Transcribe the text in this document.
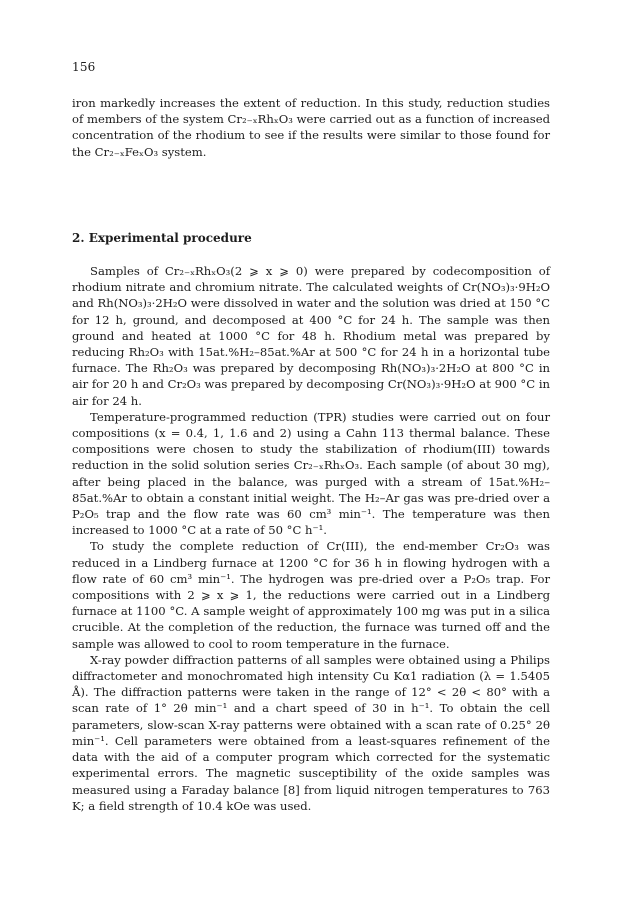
156

iron markedly increases the extent of reduction. In this study, reduction studies of members of the system Cr₂₋ₓRhₓO₃ were carried out as a function of increased concentration of the rhodium to see if the results were similar to those found for the Cr₂₋ₓFeₓO₃ system.

2. Experimental procedure

Samples of Cr₂₋ₓRhₓO₃(2 ⩾ x ⩾ 0) were prepared by codecomposition of rhodium nitrate and chromium nitrate. The calculated weights of Cr(NO₃)₃·9H₂O and Rh(NO₃)₃·2H₂O were dissolved in water and the solution was dried at 150 °C for 12 h, ground, and decomposed at 400 °C for 24 h. The sample was then ground and heated at 1000 °C for 48 h. Rhodium metal was prepared by reducing Rh₂O₃ with 15at.%H₂–85at.%Ar at 500 °C for 24 h in a horizontal tube furnace. The Rh₂O₃ was prepared by decomposing Rh(NO₃)₃·2H₂O at 800 °C in air for 20 h and Cr₂O₃ was prepared by decomposing Cr(NO₃)₃·9H₂O at 900 °C in air for 24 h.

Temperature-programmed reduction (TPR) studies were carried out on four compositions (x = 0.4, 1, 1.6 and 2) using a Cahn 113 thermal balance. These compositions were chosen to study the stabilization of rhodium(III) towards reduction in the solid solution series Cr₂₋ₓRhₓO₃. Each sample (of about 30 mg), after being placed in the balance, was purged with a stream of 15at.%H₂–85at.%Ar to obtain a constant initial weight. The H₂–Ar gas was pre-dried over a P₂O₅ trap and the flow rate was 60 cm³ min⁻¹. The temperature was then increased to 1000 °C at a rate of 50 °C h⁻¹.

To study the complete reduction of Cr(III), the end-member Cr₂O₃ was reduced in a Lindberg furnace at 1200 °C for 36 h in flowing hydrogen with a flow rate of 60 cm³ min⁻¹. The hydrogen was pre-dried over a P₂O₅ trap. For compositions with 2 ⩾ x ⩾ 1, the reductions were carried out in a Lindberg furnace at 1100 °C. A sample weight of approximately 100 mg was put in a silica crucible. At the completion of the reduction, the furnace was turned off and the sample was allowed to cool to room temperature in the furnace.

X-ray powder diffraction patterns of all samples were obtained using a Philips diffractometer and monochromated high intensity Cu Kα1 radiation (λ = 1.5405 Å). The diffraction patterns were taken in the range of 12° < 2θ < 80° with a scan rate of 1° 2θ min⁻¹ and a chart speed of 30 in h⁻¹. To obtain the cell parameters, slow-scan X-ray patterns were obtained with a scan rate of 0.25° 2θ min⁻¹. Cell parameters were obtained from a least-squares refinement of the data with the aid of a computer program which corrected for the systematic experimental errors. The magnetic susceptibility of the oxide samples was measured using a Faraday balance [8] from liquid nitrogen temperatures to 763 K; a field strength of 10.4 kOe was used.
